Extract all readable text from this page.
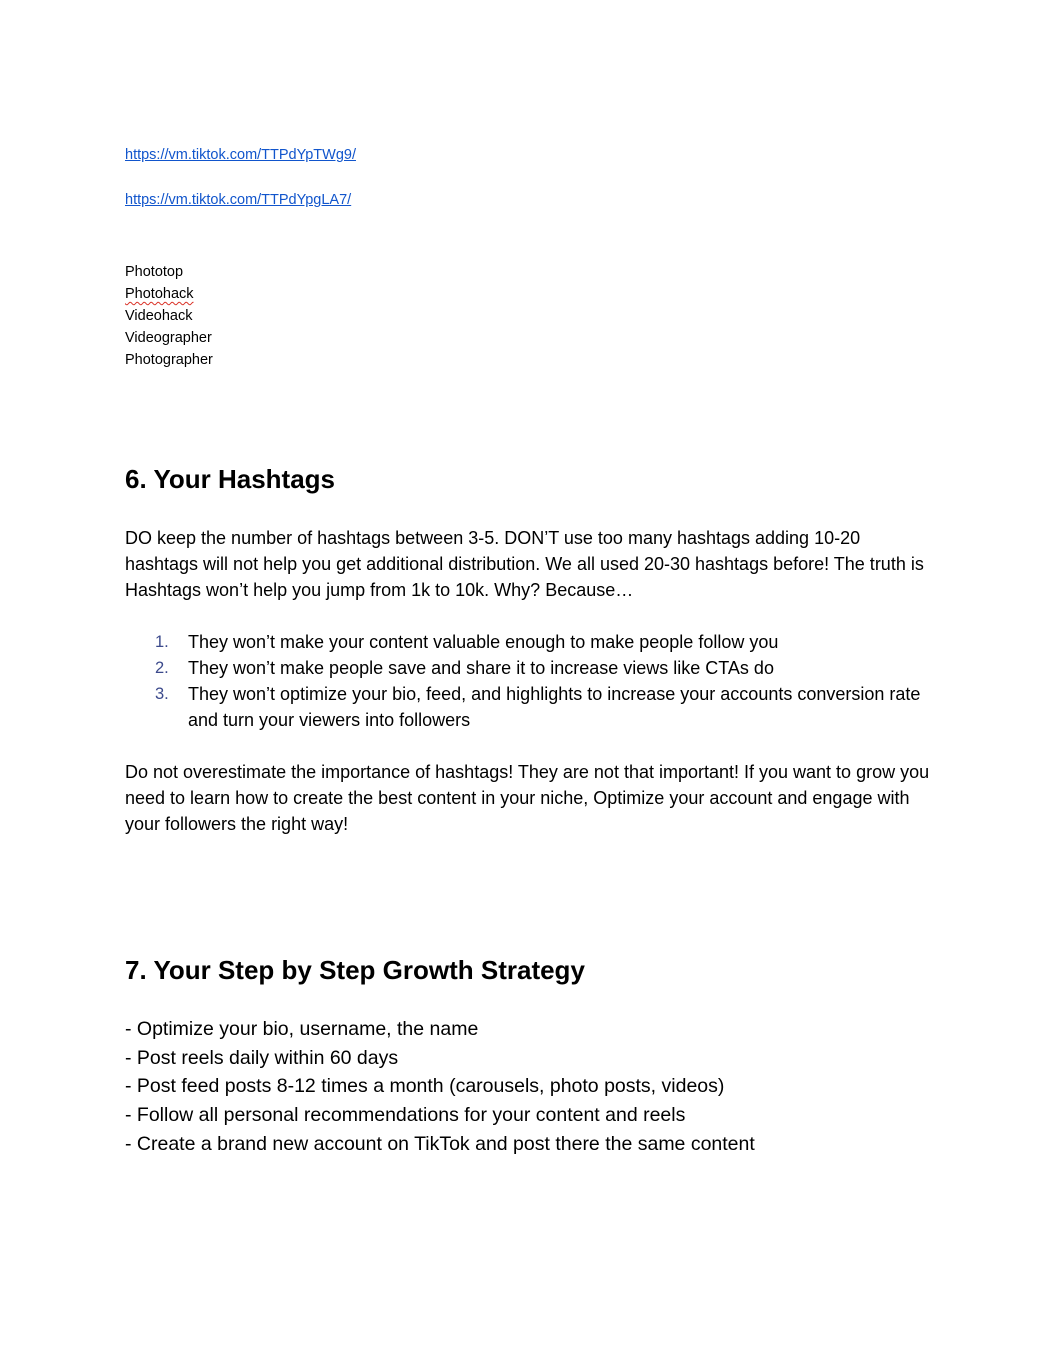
https://vm.tiktok.com/TTPdYpTWg9/
https://vm.tiktok.com/TTPdYpgLA7/
Phototop
Photohack
Videohack
Videographer
Photographer
6. Your Hashtags

DO keep the number of hashtags between 3-5. DON’T use too many hashtags adding 10-20 hashtags will not help you get additional distribution. We all used 20-30 hashtags before! The truth is Hashtags won’t help you jump from 1k to 10k. Why? Because…

1. They won’t make your content valuable enough to make people follow you
2. They won’t make people save and share it to increase views like CTAs do
3. They won’t optimize your bio, feed, and highlights to increase your accounts conversion rate and turn your viewers into followers

Do not overestimate the importance of hashtags! They are not that important! If you want to grow you need to learn how to create the best content in your niche, Optimize your account and engage with your followers the right way!

7. Your Step by Step Growth Strategy
- Optimize your bio, username, the name
- Post reels daily within 60 days
- Post feed posts 8-12 times a month (carousels, photo posts, videos)
- Follow all personal recommendations for your content and reels
- Create a brand new account on TikTok and post there the same content
